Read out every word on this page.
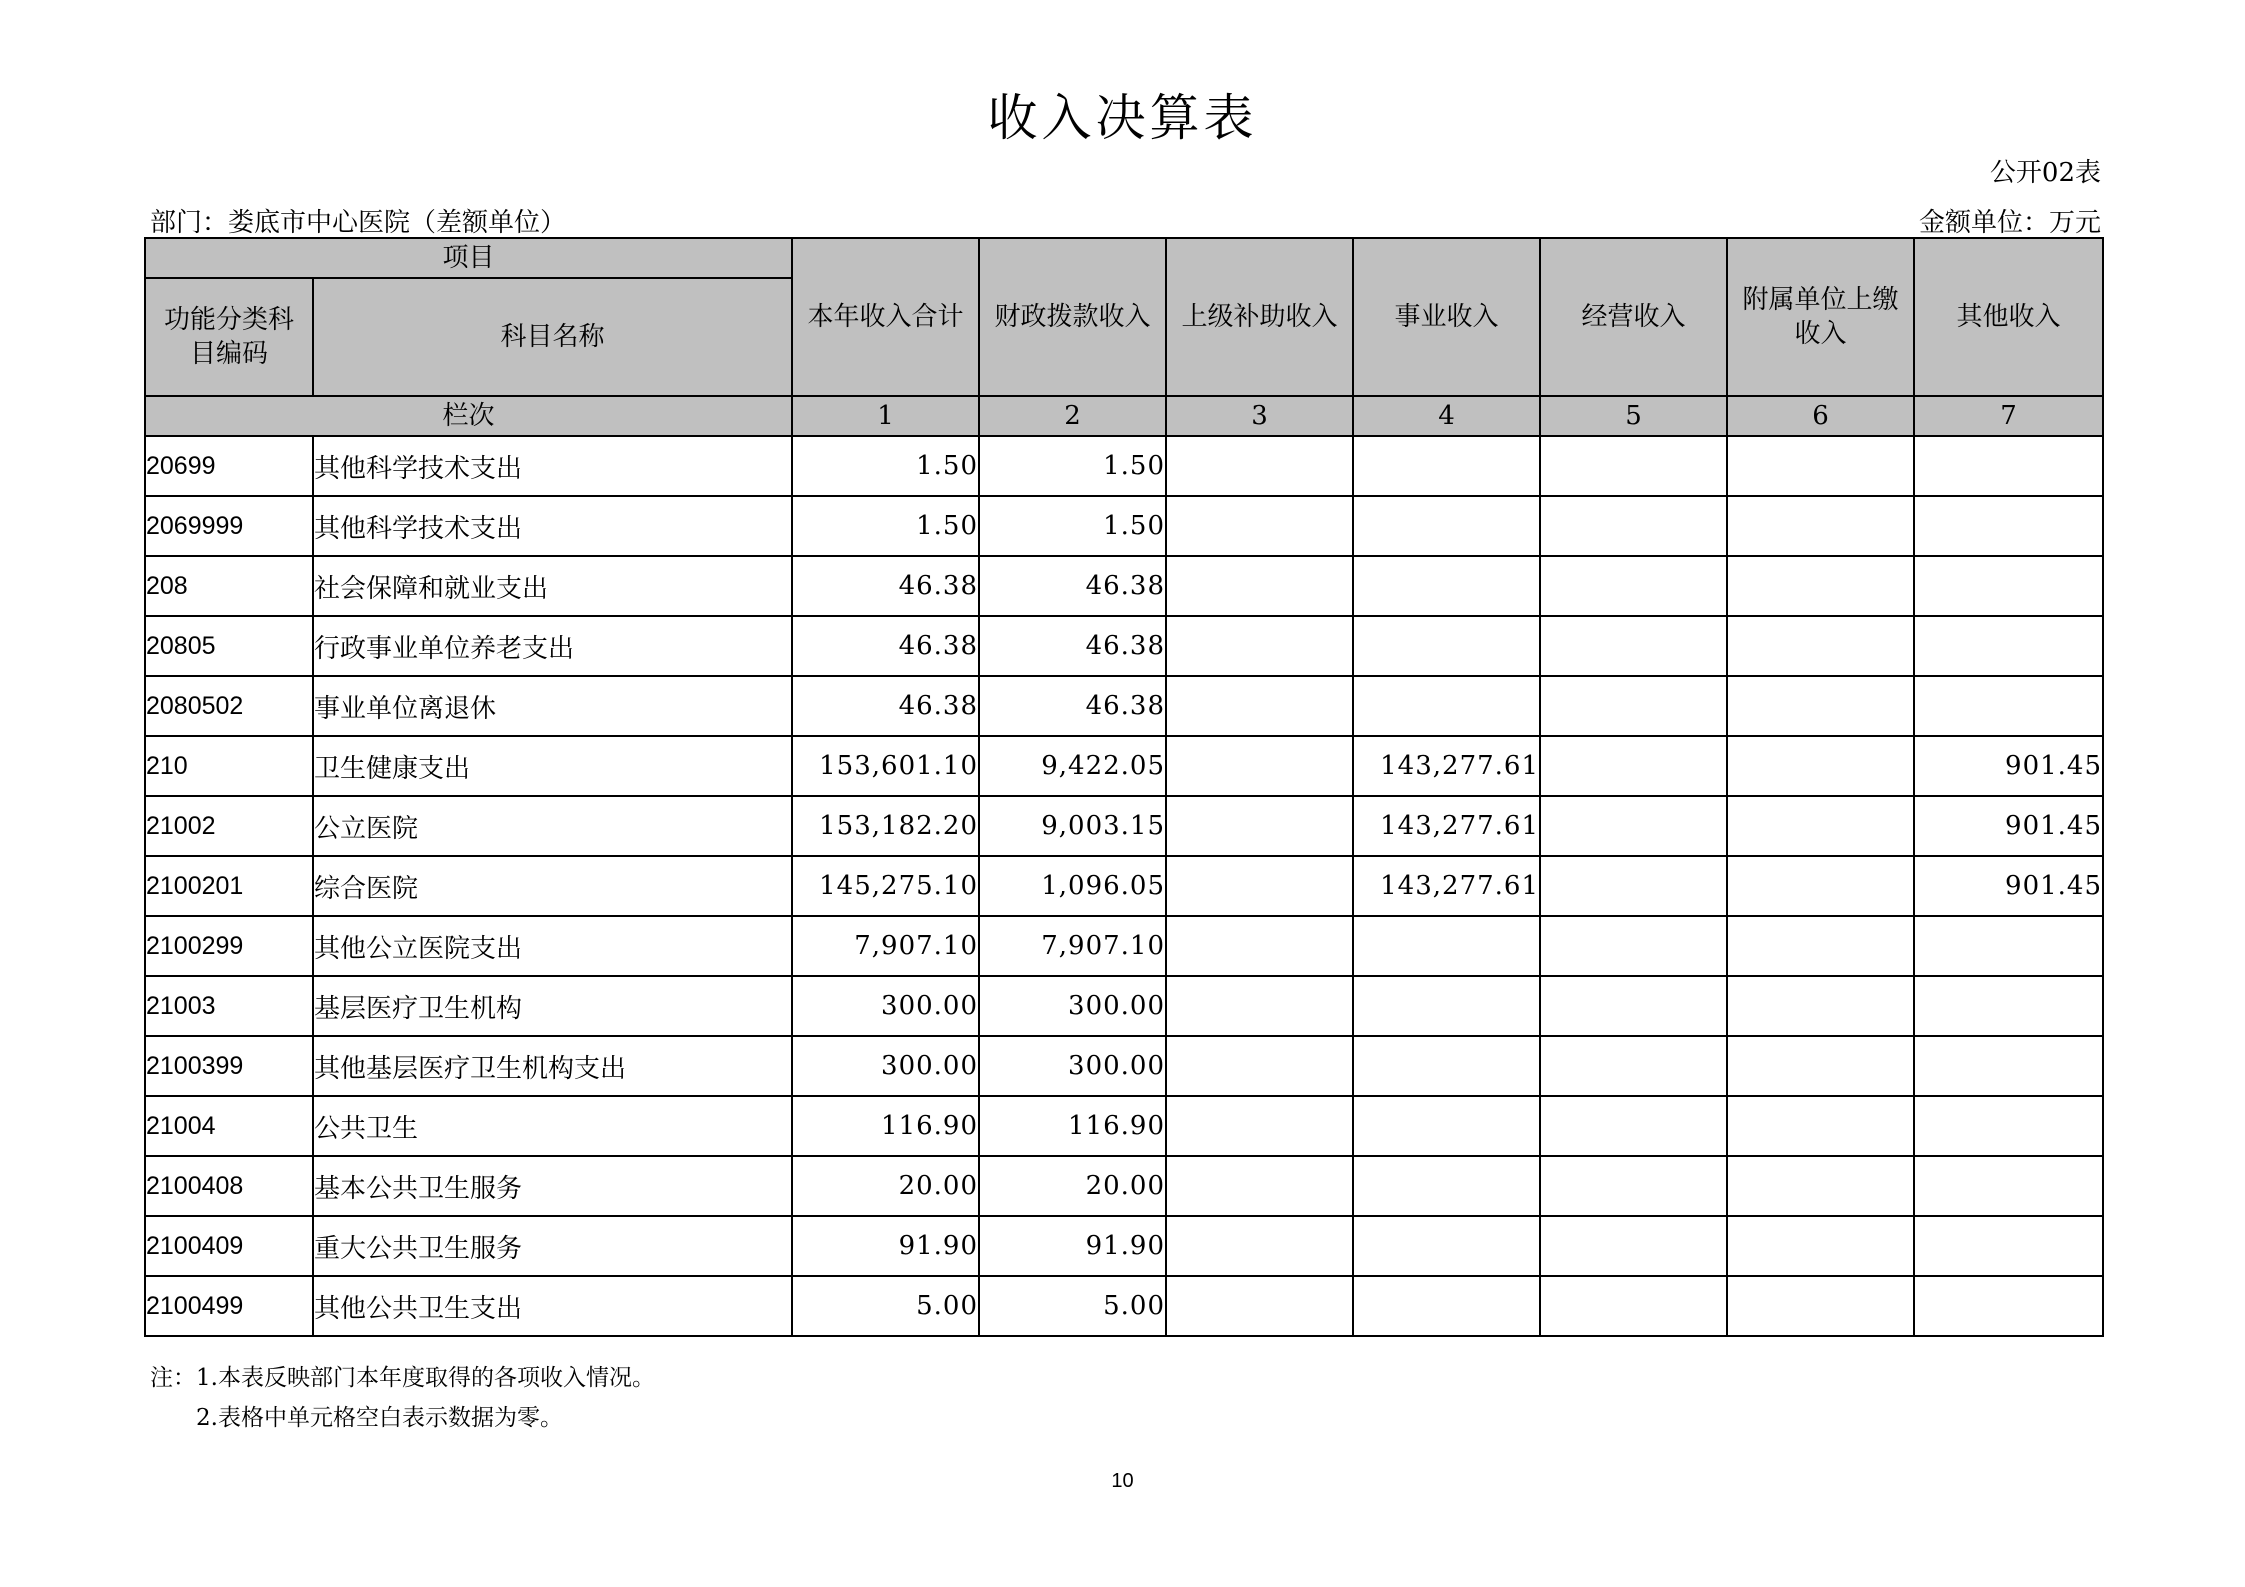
收入决算表
公开02表
部门：娄底市中心医院（差额单位）	金额单位：万元
项目		本年收入合计	财政拨款收入	上级补助收入	事业收入	经营收入	附属单位上缴收入	其他收入
功能分类科目编码	科目名称							
栏次		1	2	3	4	5	6	7
20699	其他科学技术支出	1.50	1.50					
2069999	其他科学技术支出	1.50	1.50					
208	社会保障和就业支出	46.38	46.38					
20805	行政事业单位养老支出	46.38	46.38					
2080502	事业单位离退休	46.38	46.38					
210	卫生健康支出	153,601.10	9,422.05		143,277.61			901.45
21002	公立医院	153,182.20	9,003.15		143,277.61			901.45
2100201	综合医院	145,275.10	1,096.05		143,277.61			901.45
2100299	其他公立医院支出	7,907.10	7,907.10					
21003	基层医疗卫生机构	300.00	300.00					
2100399	其他基层医疗卫生机构支出	300.00	300.00					
21004	公共卫生	116.90	116.90					
2100408	基本公共卫生服务	20.00	20.00					
2100409	重大公共卫生服务	91.90	91.90					
2100499	其他公共卫生支出	5.00	5.00					
注：1.本表反映部门本年度取得的各项收入情况。
2.表格中单元格空白表示数据为零。
10
